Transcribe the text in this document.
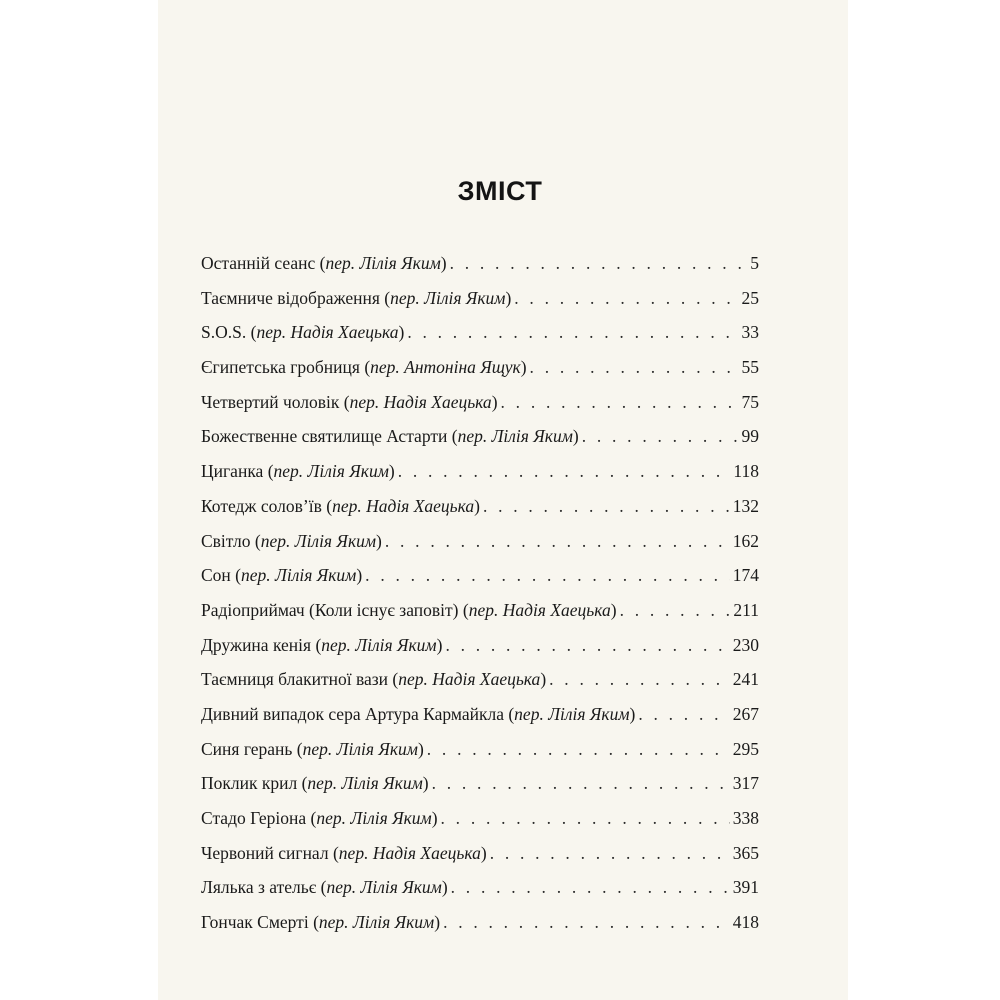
ЗМІСТ
Останній сеанс (пер. Лілія Яким) . . .	5
Таємниче відображення (пер. Лілія Яким) . . .	25
S.O.S. (пер. Надія Хаецька) . . .	33
Єгипетська гробниця (пер. Антоніна Ящук) . . .	55
Четвертий чоловік (пер. Надія Хаецька) . . .	75
Божественне святилище Астарти (пер. Лілія Яким) . . .	99
Циганка (пер. Лілія Яким) . . .	118
Котедж солов’їв (пер. Надія Хаецька) . . .	132
Світло (пер. Лілія Яким) . . .	162
Сон (пер. Лілія Яким) . . .	174
Радіоприймач (Коли існує заповіт) (пер. Надія Хаецька) . . .	211
Дружина кенія (пер. Лілія Яким) . . .	230
Таємниця блакитної вази (пер. Надія Хаецька) . . .	241
Дивний випадок сера Артура Кармайкла (пер. Лілія Яким) . . .	267
Синя герань (пер. Лілія Яким) . . .	295
Поклик крил (пер. Лілія Яким) . . .	317
Стадо Геріона (пер. Лілія Яким) . . .	338
Червоний сигнал (пер. Надія Хаецька) . . .	365
Лялька з ательє (пер. Лілія Яким) . . .	391
Гончак Смерті (пер. Лілія Яким) . . .	418
